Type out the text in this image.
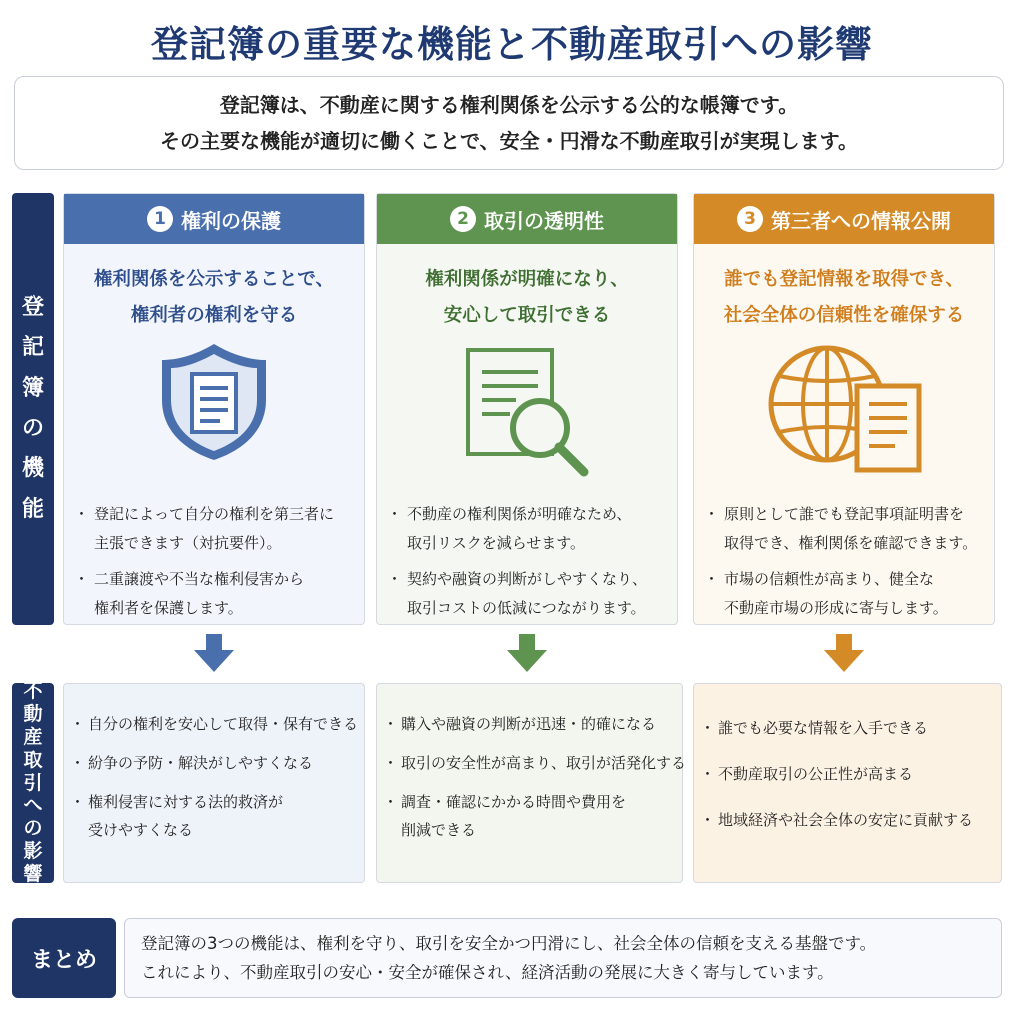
登記簿の重要な機能と不動産取引への影響
登記簿は、不動産に関する権利関係を公示する公的な帳簿です。
その主要な機能が適切に働くことで、安全・円滑な不動産取引が実現します。
登
記
簿
の
機
能
1 権利の保護
権利関係を公示することで、
権利者の権利を守る
・ 登記によって自分の権利を第三者に
主張できます（対抗要件）。
・ 二重譲渡や不当な権利侵害から
権利者を保護します。
2 取引の透明性
権利関係が明確になり、
安心して取引できる
・ 不動産の権利関係が明確なため、
取引リスクを減らせます。
・ 契約や融資の判断がしやすくなり、
取引コストの低減につながります。
3 第三者への情報公開
誰でも登記情報を取得でき、
社会全体の信頼性を確保する
・ 原則として誰でも登記事項証明書を
取得でき、権利関係を確認できます。
・ 市場の信頼性が高まり、健全な
不動産市場の形成に寄与します。
不
動
産
取
引
へ
の
影
響
・ 自分の権利を安心して取得・保有できる
・ 紛争の予防・解決がしやすくなる
・ 権利侵害に対する法的救済が
受けやすくなる
・ 購入や融資の判断が迅速・的確になる
・ 取引の安全性が高まり、取引が活発化する
・ 調査・確認にかかる時間や費用を
削減できる
・ 誰でも必要な情報を入手できる
・ 不動産取引の公正性が高まる
・ 地域経済や社会全体の安定に貢献する
まとめ
登記簿の3つの機能は、権利を守り、取引を安全かつ円滑にし、社会全体の信頼を支える基盤です。
これにより、不動産取引の安心・安全が確保され、経済活動の発展に大きく寄与しています。
